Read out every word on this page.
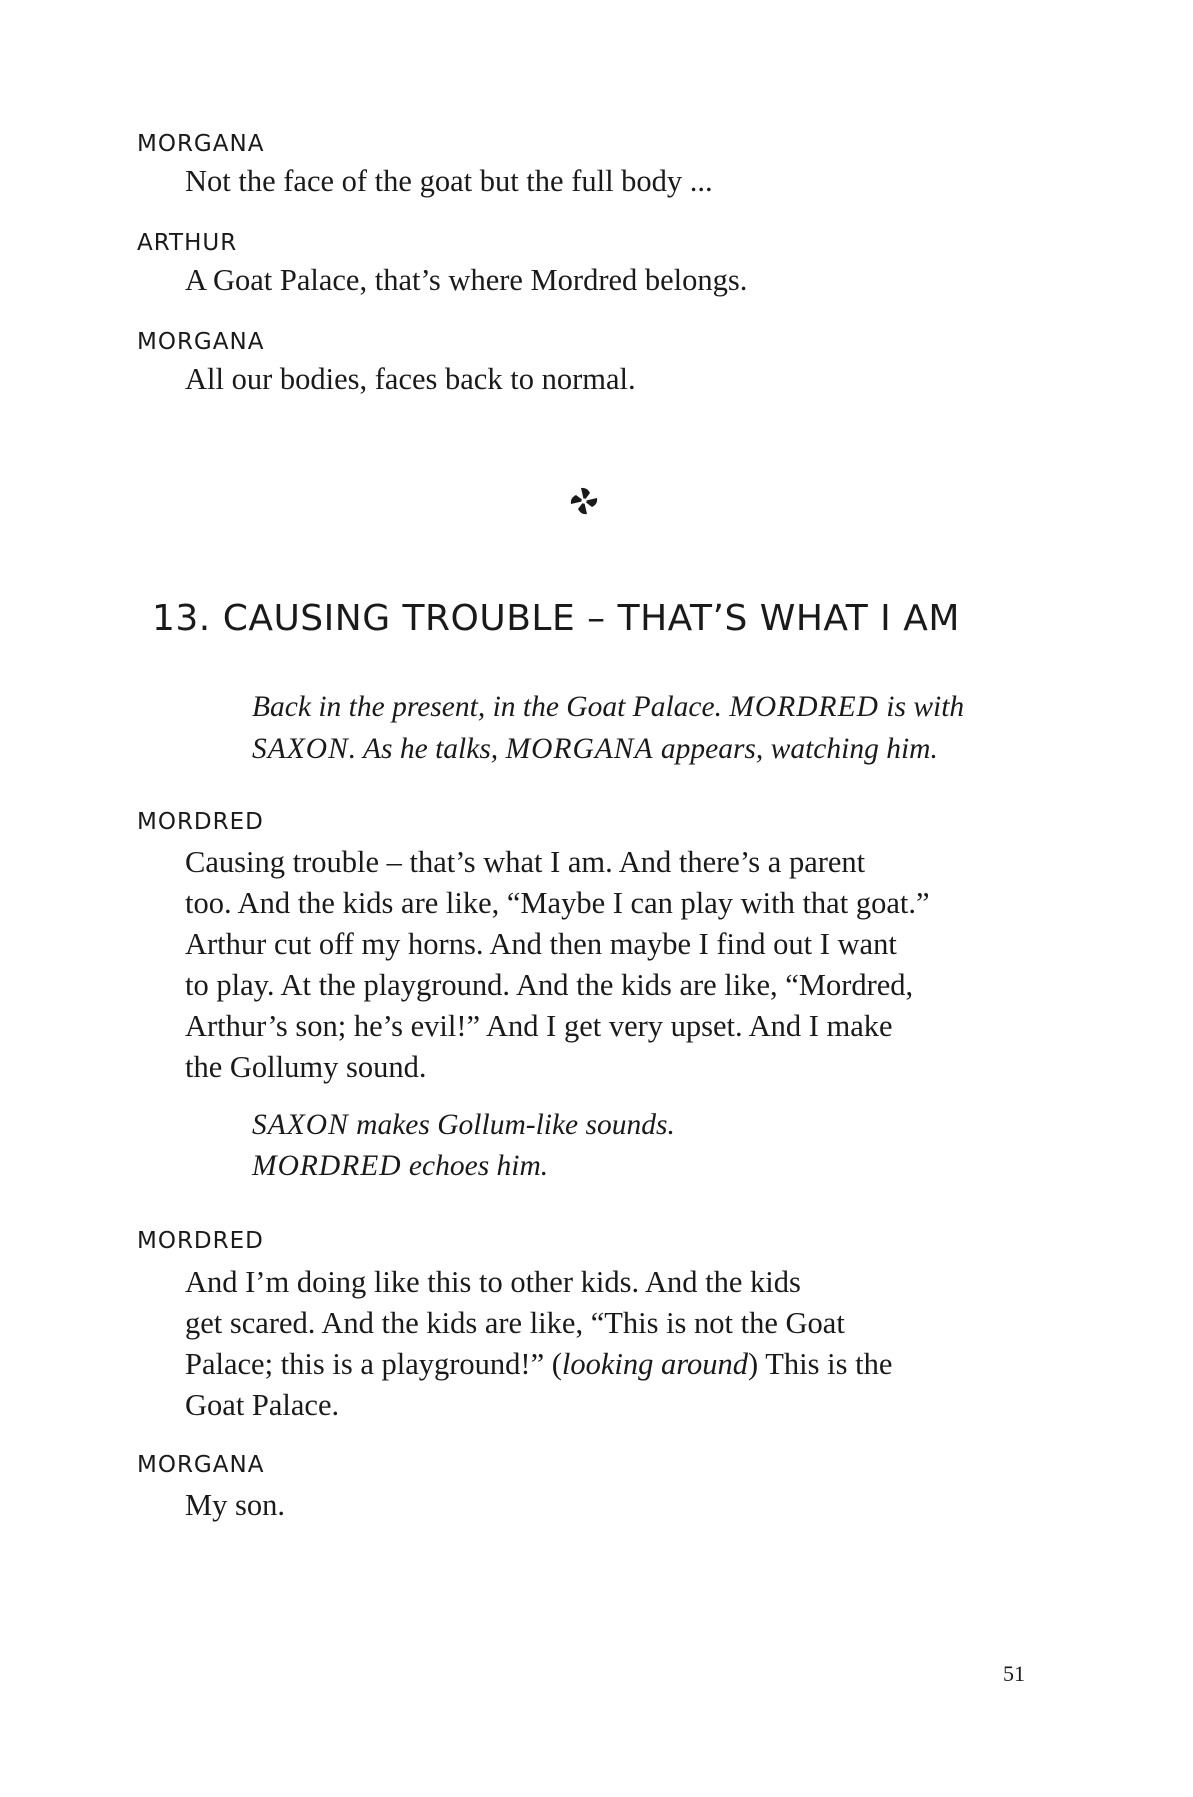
MORGANA
Not the face of the goat but the full body ...
ARTHUR
A Goat Palace, that’s where Mordred belongs.
MORGANA
All our bodies, faces back to normal.
13. CAUSING TROUBLE – THAT’S WHAT I AM
Back in the present, in the Goat Palace. MORDRED is with
SAXON. As he talks, MORGANA appears, watching him.
MORDRED
Causing trouble – that’s what I am. And there’s a parent
too. And the kids are like, “Maybe I can play with that goat.”
Arthur cut off my horns. And then maybe I find out I want
to play. At the playground. And the kids are like, “Mordred,
Arthur’s son; he’s evil!” And I get very upset. And I make
the Gollumy sound.
SAXON makes Gollum-like sounds.
MORDRED echoes him.
MORDRED
And I’m doing like this to other kids. And the kids
get scared. And the kids are like, “This is not the Goat
Palace; this is a playground!” (looking around) This is the
Goat Palace.
MORGANA
My son.
51
